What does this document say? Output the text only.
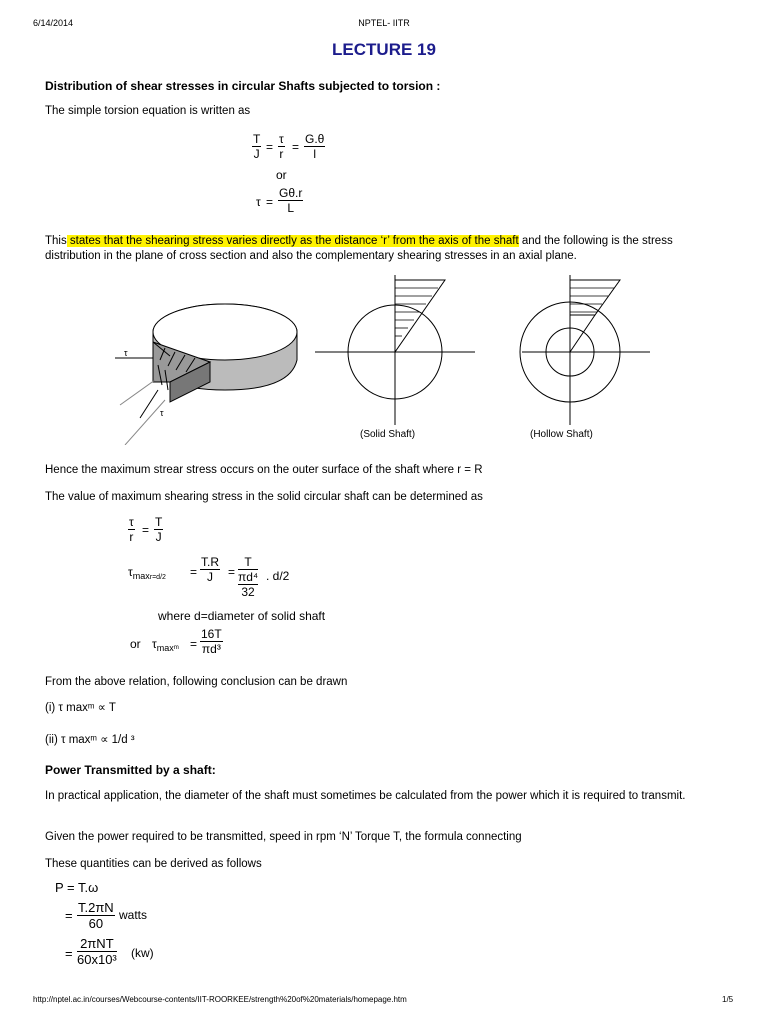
6/14/2014	NPTEL- IITR
LECTURE 19
Distribution of shear stresses in circular Shafts subjected to torsion :
The simple torsion equation is written as
$\frac{T}{J} = \frac{\tau}{r} = \frac{G.\theta}{l}$
or
$\tau = \frac{G\theta.r}{L}$
This states that the shearing stress varies directly as the distance ‘r’ from the axis of the shaft and the following is the stress distribution in the plane of cross section and also the complementary shearing stresses in an axial plane.
τ
τ
(Solid Shaft)	(Hollow Shaft)
Hence the maximum strear stress occurs on the outer surface of the shaft where r = R
The value of maximum shearing stress in the solid circular shaft can be determined as
$\frac{\tau}{r} = \frac{T}{J}$
$\tau_{maxr=d/2} = \frac{T.R}{J}$ =
T
πd⁴
32
. d/2
where d=diameter of solid shaft
or $\tau_{maxᵐ} = \frac{16T}{\text{πd³}}$
From the above relation, following conclusion can be drawn
(i) τ maxᵐ ∝ T
(ii) τ maxᵐ ∝ 1/d ³
Power Transmitted by a shaft:
In practical application, the diameter of the shaft must sometimes be calculated from the power which it is required to transmit.
Given the power required to be transmitted, speed in rpm ‘N’ Torque T, the formula connecting
These quantities can be derived as follows
P = T.ω
= $\frac{T.2\pi N}{60}$ watts
=
2πNT
60x10³ (kw)
http://nptel.ac.in/courses/Webcourse-contents/IIT-ROORKEE/strength%20of%20materials/homepage.htm	1/5
